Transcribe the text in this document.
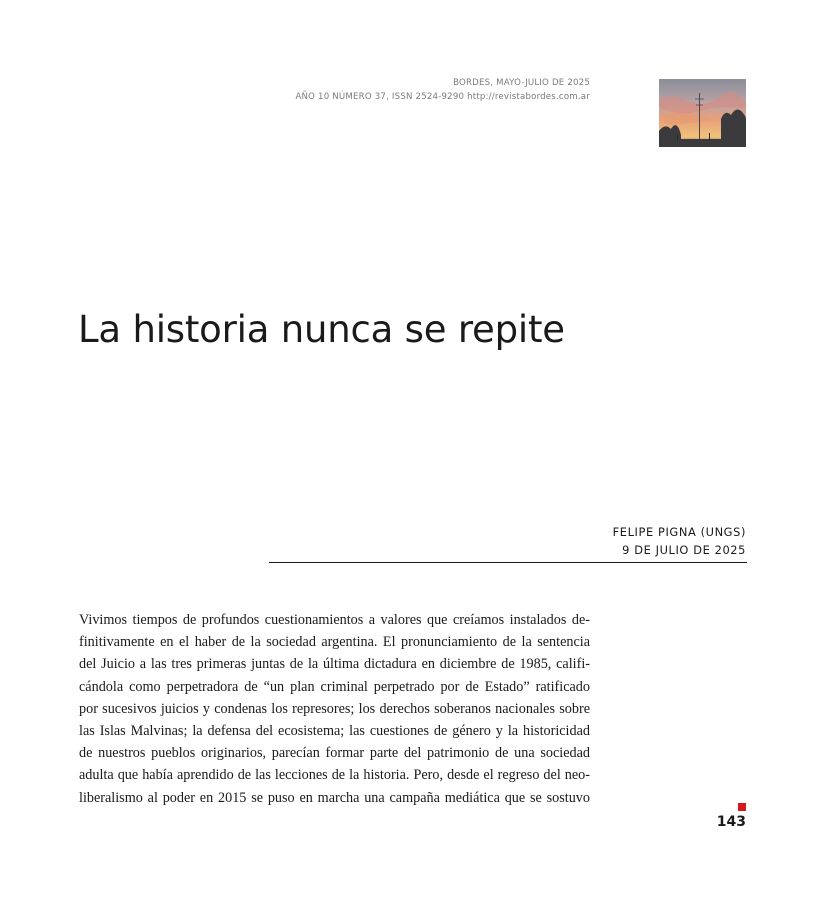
BORDES, MAYO-JULIO DE 2025
AÑO 10 NÚMERO 37, ISSN 2524-9290 http://revistabordes.com.ar
La historia nunca se repite
FELIPE PIGNA (UNGS)
9 DE JULIO DE 2025
Vivimos tiempos de profundos cuestionamientos a valores que creíamos instalados de-
finitivamente en el haber de la sociedad argentina. El pronunciamiento de la sentencia
del Juicio a las tres primeras juntas de la última dictadura en diciembre de 1985, califi-
cándola como perpetradora de “un plan criminal perpetrado por de Estado” ratificado
por sucesivos juicios y condenas los represores; los derechos soberanos nacionales sobre
las Islas Malvinas; la defensa del ecosistema; las cuestiones de género y la historicidad
de nuestros pueblos originarios, parecían formar parte del patrimonio de una sociedad
adulta que había aprendido de las lecciones de la historia. Pero, desde el regreso del neo-
liberalismo al poder en 2015 se puso en marcha una campaña mediática que se sostuvo
143
